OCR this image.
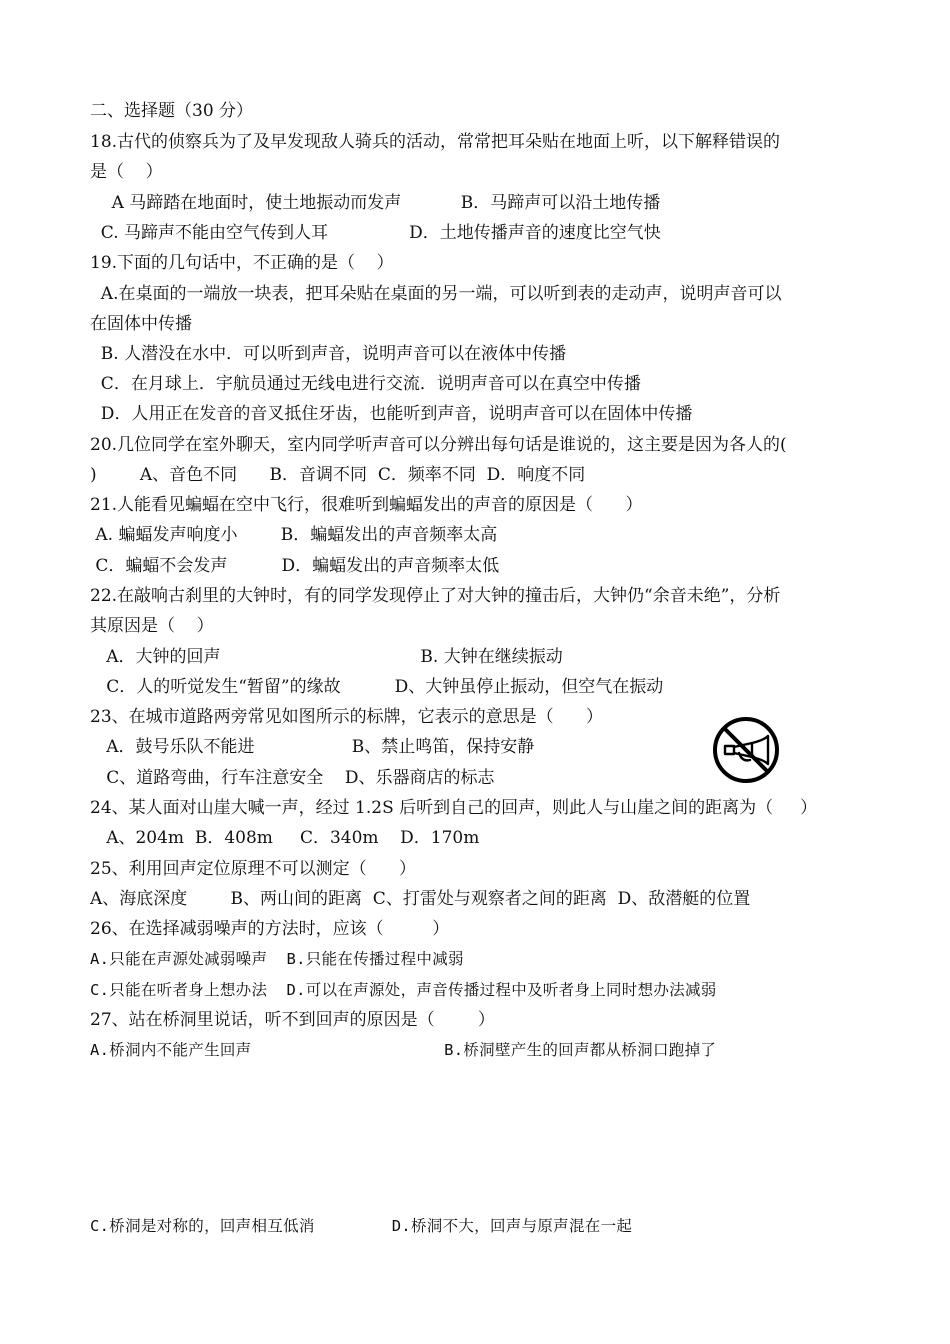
二、选择题（30 分）
18.古代的侦察兵为了及早发现敌人骑兵的活动，常常把耳朵贴在地面上听，以下解释错误的
是（    ）
A 马蹄踏在地面时，使土地振动而发声           B．马蹄声可以沿土地传播
C. 马蹄声不能由空气传到人耳               D．土地传播声音的速度比空气快
19.下面的几句话中，不正确的是（    ）
A.在桌面的一端放一块表，把耳朵贴在桌面的另一端，可以听到表的走动声，说明声音可以
在固体中传播
B. 人潜没在水中．可以听到声音，说明声音可以在液体中传播
C．在月球上．宇航员通过无线电进行交流．说明声音可以在真空中传播
D．人用正在发音的音叉抵住牙齿，也能听到声音，说明声音可以在固体中传播
20.几位同学在室外聊天，室内同学听声音可以分辨出每句话是谁说的，这主要是因为各人的(
)        A、音色不同      B．音调不同  C．频率不同  D．响度不同
21.人能看见蝙蝠在空中飞行，很难听到蝙蝠发出的声音的原因是（      ）
A. 蝙蝠发声响度小        B．蝙蝠发出的声音频率太高
C．蝙蝠不会发声          D．蝙蝠发出的声音频率太低
22.在敲响古刹里的大钟时，有的同学发现停止了对大钟的撞击后，大钟仍“余音未绝”，分析
其原因是（    ）
A．大钟的回声                                     B. 大钟在继续振动
C．人的听觉发生“暂留”的缘故          D、大钟虽停止振动，但空气在振动
23、在城市道路两旁常见如图所示的标牌，它表示的意思是（      ）
A．鼓号乐队不能进                  B、禁止鸣笛，保持安静
C、道路弯曲，行车注意安全    D、乐器商店的标志
24、某人面对山崖大喊一声，经过 1.2S 后听到自己的回声，则此人与山崖之间的距离为（     ）
A、204m  B．408m     C．340m    D．170m
25、利用回声定位原理不可以测定（      ）
A、海底深度        B、两山间的距离  C、打雷处与观察者之间的距离  D、敌潜艇的位置
26、在选择减弱噪声的方法时，应该（         ）
A.只能在声源处减弱噪声  B.只能在传播过程中减弱
C.只能在听者身上想办法  D.可以在声源处，声音传播过程中及听者身上同时想办法减弱
27、站在桥洞里说话，听不到回声的原因是（        ）
A.桥洞内不能产生回声                    B.桥洞壁产生的回声都从桥洞口跑掉了
C.桥洞是对称的，回声相互低消        D.桥洞不大，回声与原声混在一起
